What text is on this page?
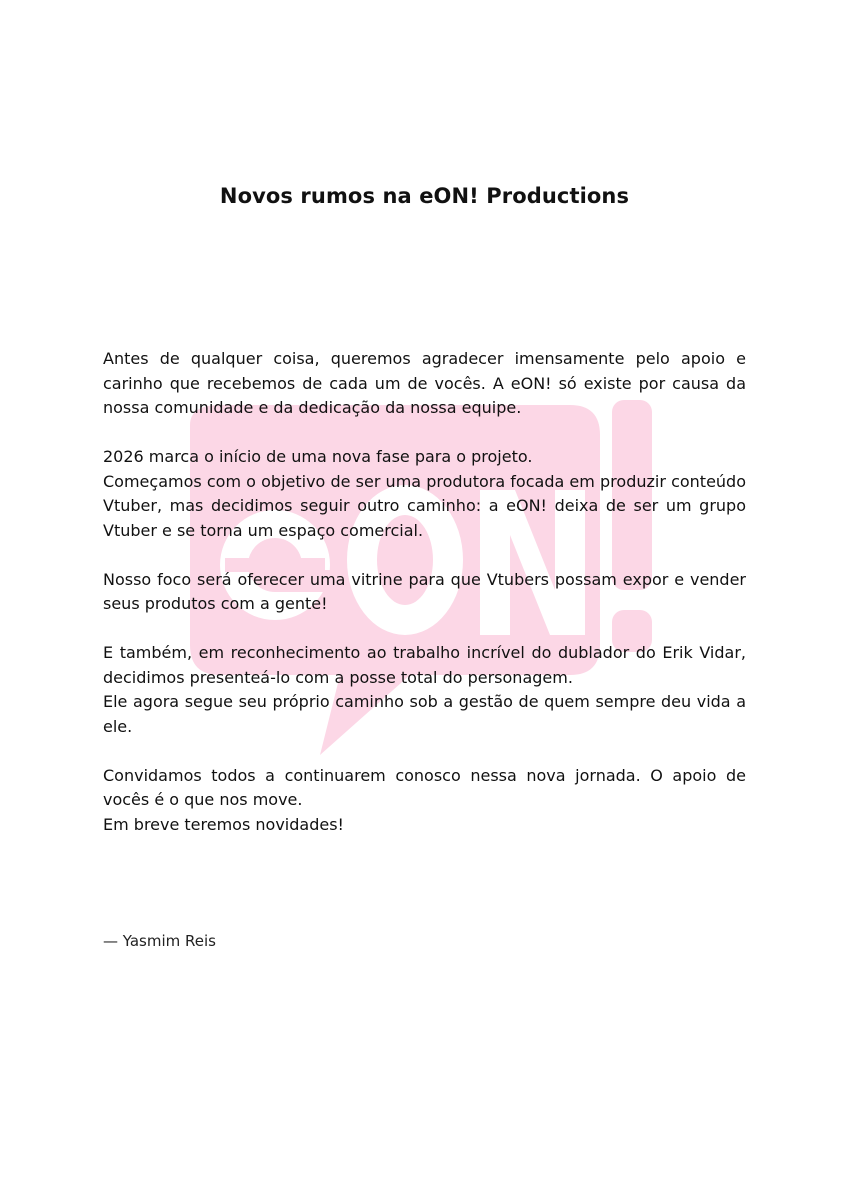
Novos rumos na eON! Productions

Antes de qualquer coisa, queremos agradecer imensamente pelo apoio e carinho que recebemos de cada um de vocês. A eON! só existe por causa da nossa comunidade e da dedicação da nossa equipe.

2026 marca o início de uma nova fase para o projeto.
Começamos com o objetivo de ser uma produtora focada em produzir conteúdo Vtuber, mas decidimos seguir outro caminho: a eON! deixa de ser um grupo Vtuber e se torna um espaço comercial.

Nosso foco será oferecer uma vitrine para que Vtubers possam expor e vender seus produtos com a gente!

E também, em reconhecimento ao trabalho incrível do dublador do Erik Vidar, decidimos presenteá-lo com a posse total do personagem.
Ele agora segue seu próprio caminho sob a gestão de quem sempre deu vida a ele.

Convidamos todos a continuarem conosco nessa nova jornada. O apoio de vocês é o que nos move.
Em breve teremos novidades!

— Yasmim Reis
